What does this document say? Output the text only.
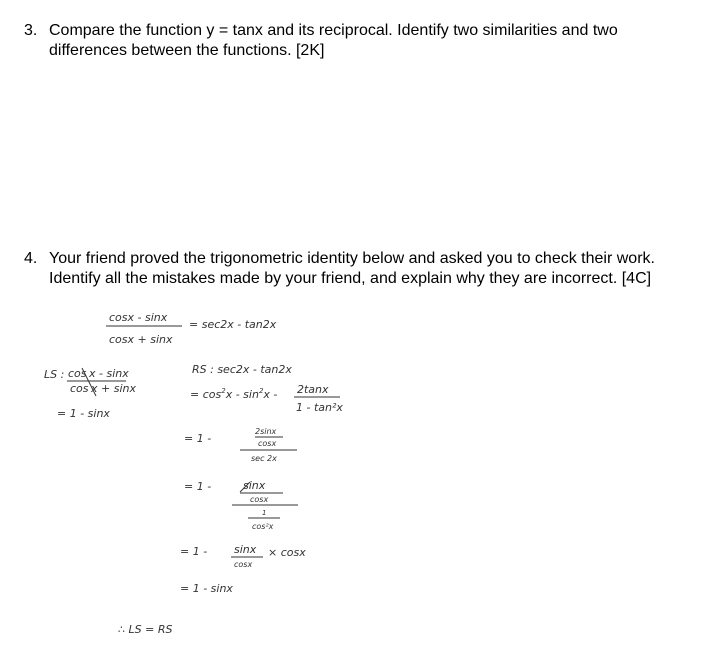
3. Compare the function y = tanx and its reciprocal. Identify two similarities and two differences between the functions. [2K]
4. Your friend proved the trigonometric identity below and asked you to check their work. Identify all the mistakes made by your friend, and explain why they are incorrect. [4C]
cosx - sinx
cosx + sinx
= sec2x - tan2x
LS : cos x - sinx
cos x + sinx
= 1 - sinx
RS : sec2x - tan2x
= $\cos^2x - \sin^2x - 2\tan x$
1 - tan²x
= 1 -
2sinx
cosx
sec 2x
= 1 -	sinx
cosx
1
cos²x
= 1 - sinx
cosx
× cosx
= 1 - sinx
∴ LS = RS
